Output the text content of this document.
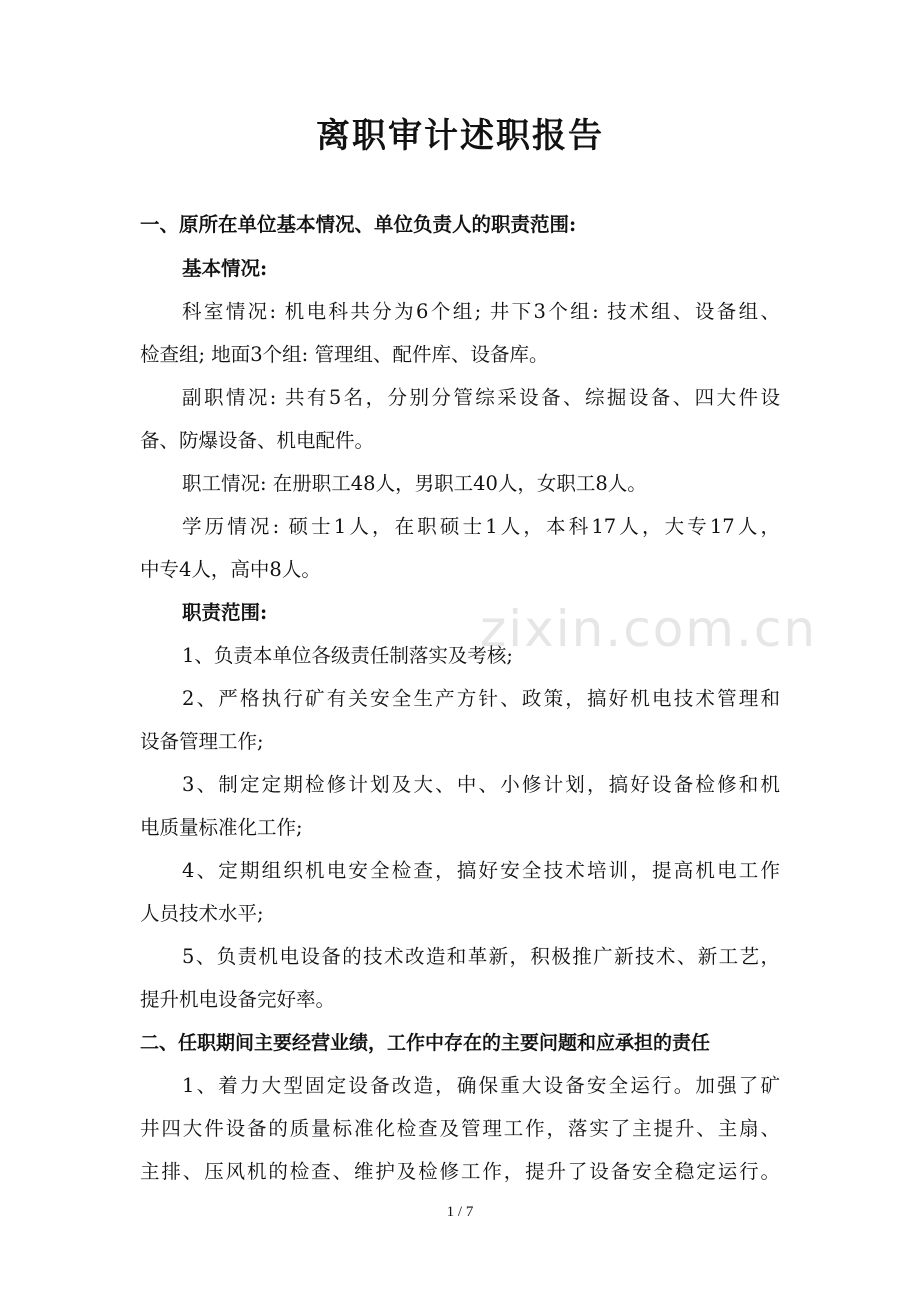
离职审计述职报告
zixin.com.cn
一、原所在单位基本情况、单位负责人的职责范围:
基本情况:
科室情况: 机电科共分为6个组; 井下3个组: 技术组、设备组、
检查组; 地面3个组: 管理组、配件库、设备库。
副职情况: 共有5名，分别分管综采设备、综掘设备、四大件设
备、防爆设备、机电配件。
职工情况: 在册职工48人，男职工40人，女职工8人。
学历情况: 硕士1人，在职硕士1人，本科17人，大专17人，
中专4人，高中8人。
职责范围:
1、负责本单位各级责任制落实及考核;
2、严格执行矿有关安全生产方针、政策，搞好机电技术管理和
设备管理工作;
3、制定定期检修计划及大、中、小修计划，搞好设备检修和机
电质量标准化工作;
4、定期组织机电安全检查，搞好安全技术培训，提高机电工作
人员技术水平;
5、负责机电设备的技术改造和革新，积极推广新技术、新工艺，
提升机电设备完好率。
二、任职期间主要经营业绩，工作中存在的主要问题和应承担的责任
1、着力大型固定设备改造，确保重大设备安全运行。加强了矿
井四大件设备的质量标准化检查及管理工作，落实了主提升、主扇、
主排、压风机的检查、维护及检修工作，提升了设备安全稳定运行。
1 / 7
